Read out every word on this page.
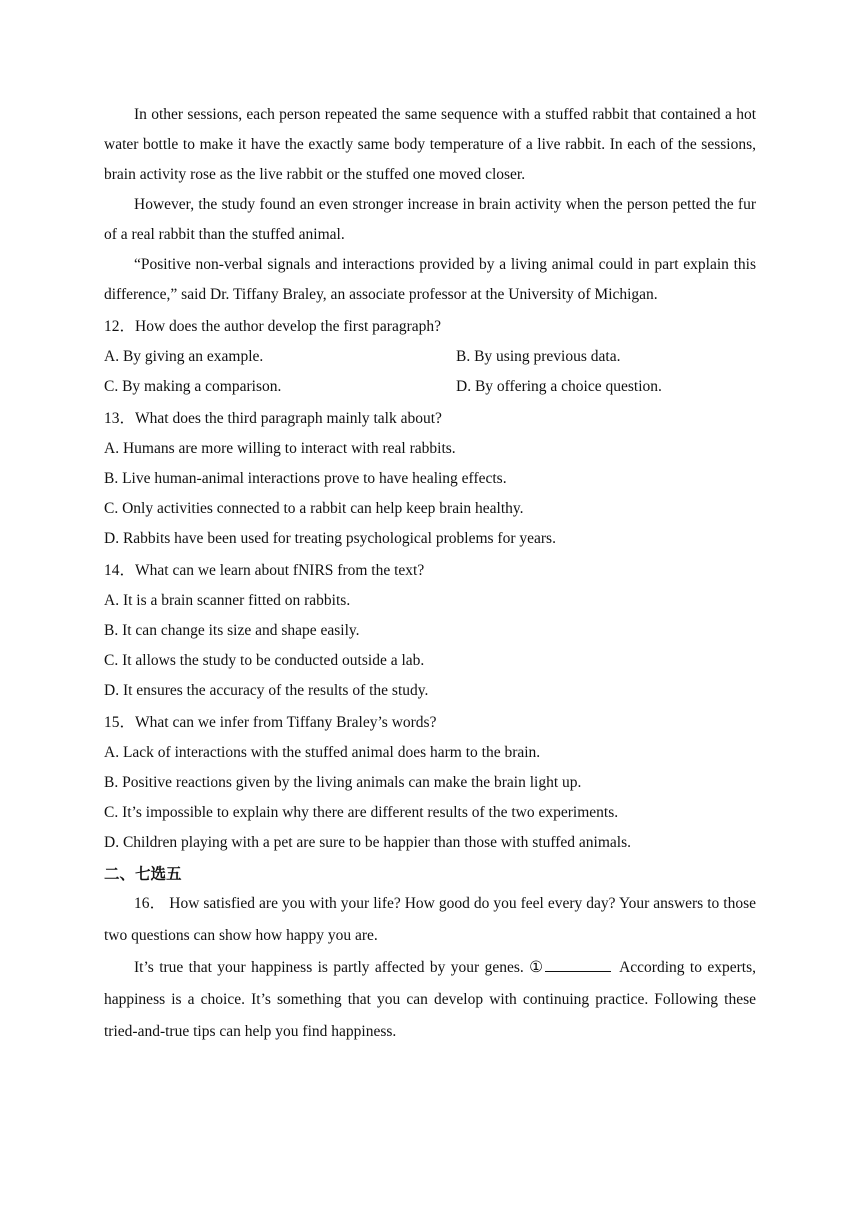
In other sessions, each person repeated the same sequence with a stuffed rabbit that contained a hot water bottle to make it have the exactly same body temperature of a live rabbit. In each of the sessions, brain activity rose as the live rabbit or the stuffed one moved closer.

However, the study found an even stronger increase in brain activity when the person petted the fur of a real rabbit than the stuffed animal.

“Positive non-verbal signals and interactions provided by a living animal could in part explain this difference,” said Dr. Tiffany Braley, an associate professor at the University of Michigan.

12．How does the author develop the first paragraph?
A. By giving an example.	B. By using previous data.
C. By making a comparison.	D. By offering a choice question.
13．What does the third paragraph mainly talk about?
A. Humans are more willing to interact with real rabbits.
B. Live human-animal interactions prove to have healing effects.
C. Only activities connected to a rabbit can help keep brain healthy.
D. Rabbits have been used for treating psychological problems for years.
14．What can we learn about fNIRS from the text?
A. It is a brain scanner fitted on rabbits.
B. It can change its size and shape easily.
C. It allows the study to be conducted outside a lab.
D. It ensures the accuracy of the results of the study.
15．What can we infer from Tiffany Braley’s words?
A. Lack of interactions with the stuffed animal does harm to the brain.
B. Positive reactions given by the living animals can make the brain light up.
C. It’s impossible to explain why there are different results of the two experiments.
D. Children playing with a pet are sure to be happier than those with stuffed animals.
二、七选五

16． How satisfied are you with your life? How good do you feel every day? Your answers to those two questions can show how happy you are.

It’s true that your happiness is partly affected by your genes. ①	According to experts, happiness is a choice. It’s something that you can develop with continuing practice. Following these tried-and-true tips can help you find happiness.
